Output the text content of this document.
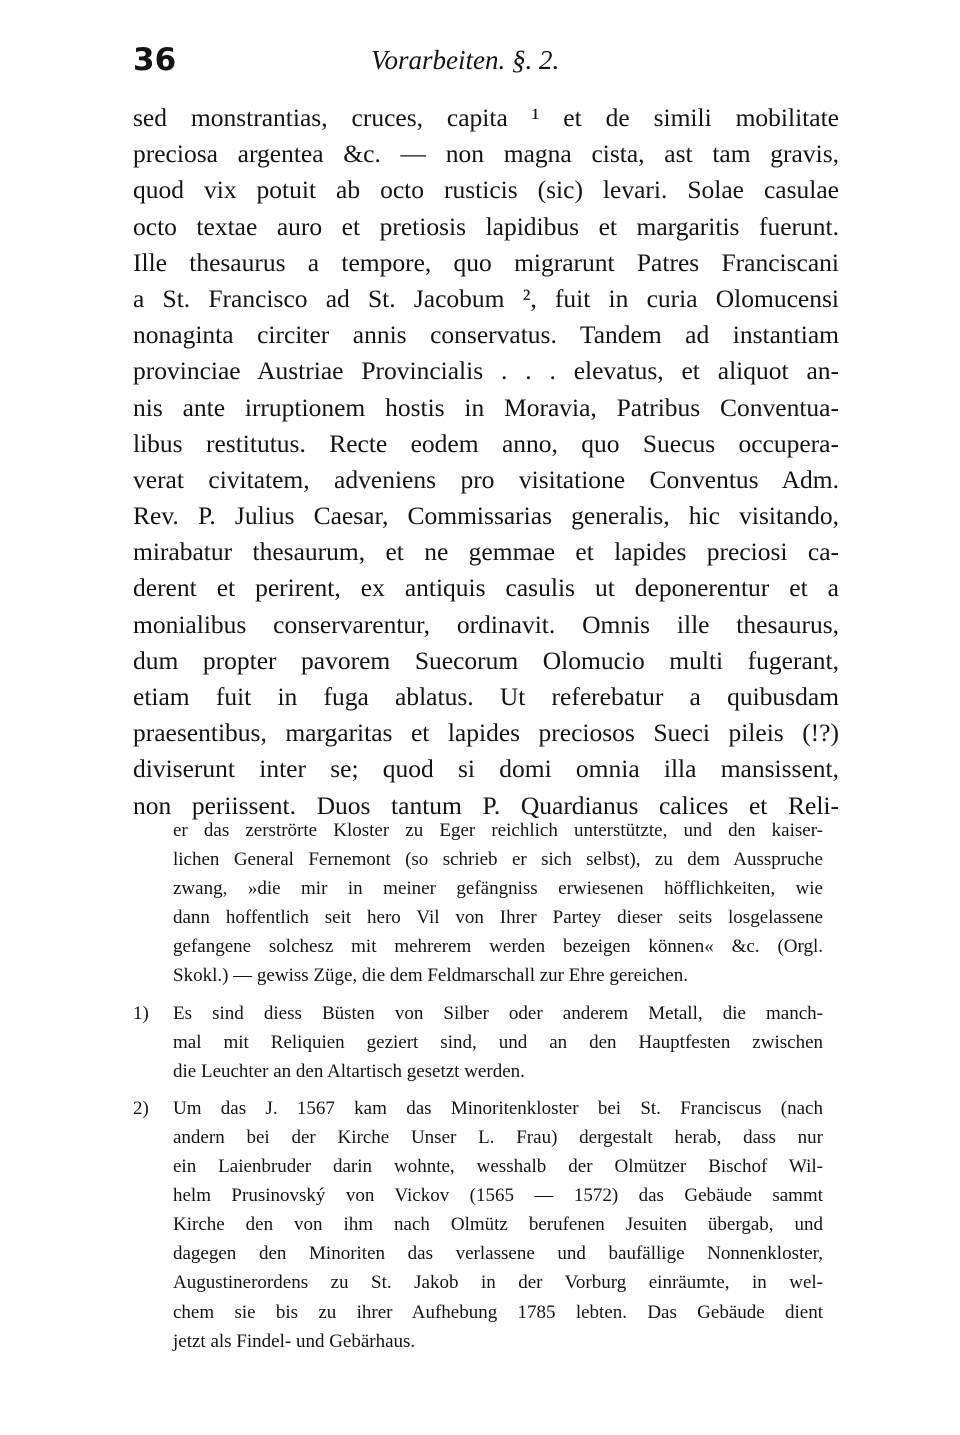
36	Vorarbeiten. §. 2.
sed monstrantias, cruces, capita ¹ et de simili mobilitate
preciosa argentea &c. — non magna cista, ast tam gravis,
quod vix potuit ab octo rusticis (sic) levari. Solae casulae
octo textae auro et pretiosis lapidibus et margaritis fuerunt.
Ille thesaurus a tempore, quo migrarunt Patres Franciscani
a St. Francisco ad St. Jacobum ², fuit in curia Olomucensi
nonaginta circiter annis conservatus. Tandem ad instantiam
provinciae Austriae Provincialis . . . elevatus, et aliquot an-
nis ante irruptionem hostis in Moravia, Patribus Conventua-
libus restitutus. Recte eodem anno, quo Suecus occupera-
verat civitatem, adveniens pro visitatione Conventus Adm.
Rev. P. Julius Caesar, Commissarias generalis, hic visitando,
mirabatur thesaurum, et ne gemmae et lapides preciosi ca-
derent et perirent, ex antiquis casulis ut deponerentur et a
monialibus conservarentur, ordinavit. Omnis ille thesaurus,
dum propter pavorem Suecorum Olomucio multi fugerant,
etiam fuit in fuga ablatus. Ut referebatur a quibusdam
praesentibus, margaritas et lapides preciosos Sueci pileis (!?)
diviserunt inter se; quod si domi omnia illa mansissent,
non periissent. Duos tantum P. Quardianus calices et Reli-
er das zerströrte Kloster zu Eger reichlich unterstützte, und den kaiser-
lichen General Fernemont (so schrieb er sich selbst), zu dem Ausspruche
zwang, »die mir in meiner gefängniss erwiesenen höfflichkeiten, wie
dann hoffentlich seit hero Vil von Ihrer Partey dieser seits losgelassene
gefangene solchesz mit mehrerem werden bezeigen können« &c. (Orgl.
Skokl.) — gewiss Züge, die dem Feldmarschall zur Ehre gereichen.
1)	Es sind diess Büsten von Silber oder anderem Metall, die manch-
mal mit Reliquien geziert sind, und an den Hauptfesten zwischen
die Leuchter an den Altartisch gesetzt werden.
2)	Um das J. 1567 kam das Minoritenkloster bei St. Franciscus (nach
andern bei der Kirche Unser L. Frau) dergestalt herab, dass nur
ein Laienbruder darin wohnte, wesshalb der Olmützer Bischof Wil-
helm Prusinovský von Vickov (1565 — 1572) das Gebäude sammt
Kirche den von ihm nach Olmütz berufenen Jesuiten übergab, und
dagegen den Minoriten das verlassene und baufällige Nonnenkloster,
Augustinerordens zu St. Jakob in der Vorburg einräumte, in wel-
chem sie bis zu ihrer Aufhebung 1785 lebten. Das Gebäude dient
jetzt als Findel- und Gebärhaus.
